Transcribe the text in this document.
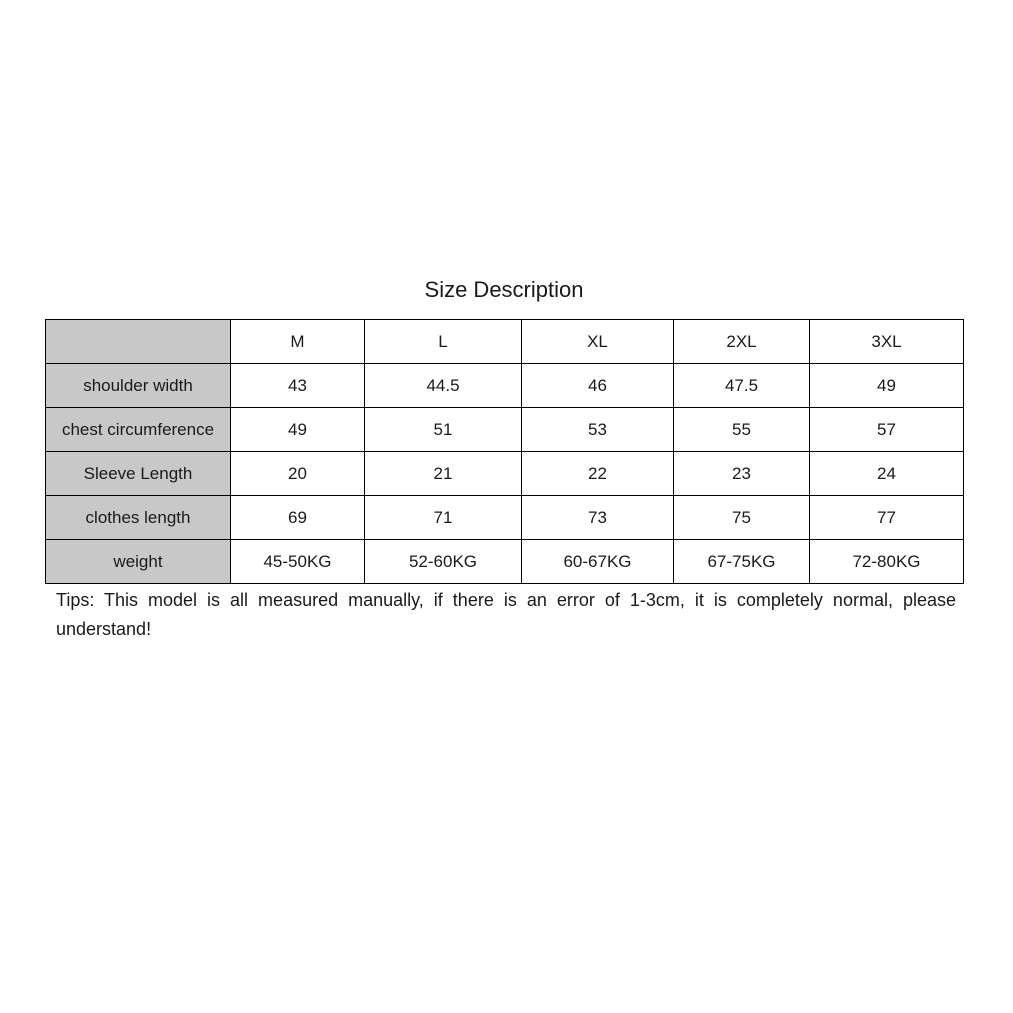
Size Description
	M	L	XL	2XL	3XL
shoulder width	43	44.5	46	47.5	49
chest circumference	49	51	53	55	57
Sleeve Length	20	21	22	23	24
clothes length	69	71	73	75	77
weight	45-50KG	52-60KG	60-67KG	67-75KG	72-80KG
Tips: This model is all measured manually, if there is an error of 1-3cm, it is completely normal, please understand!
